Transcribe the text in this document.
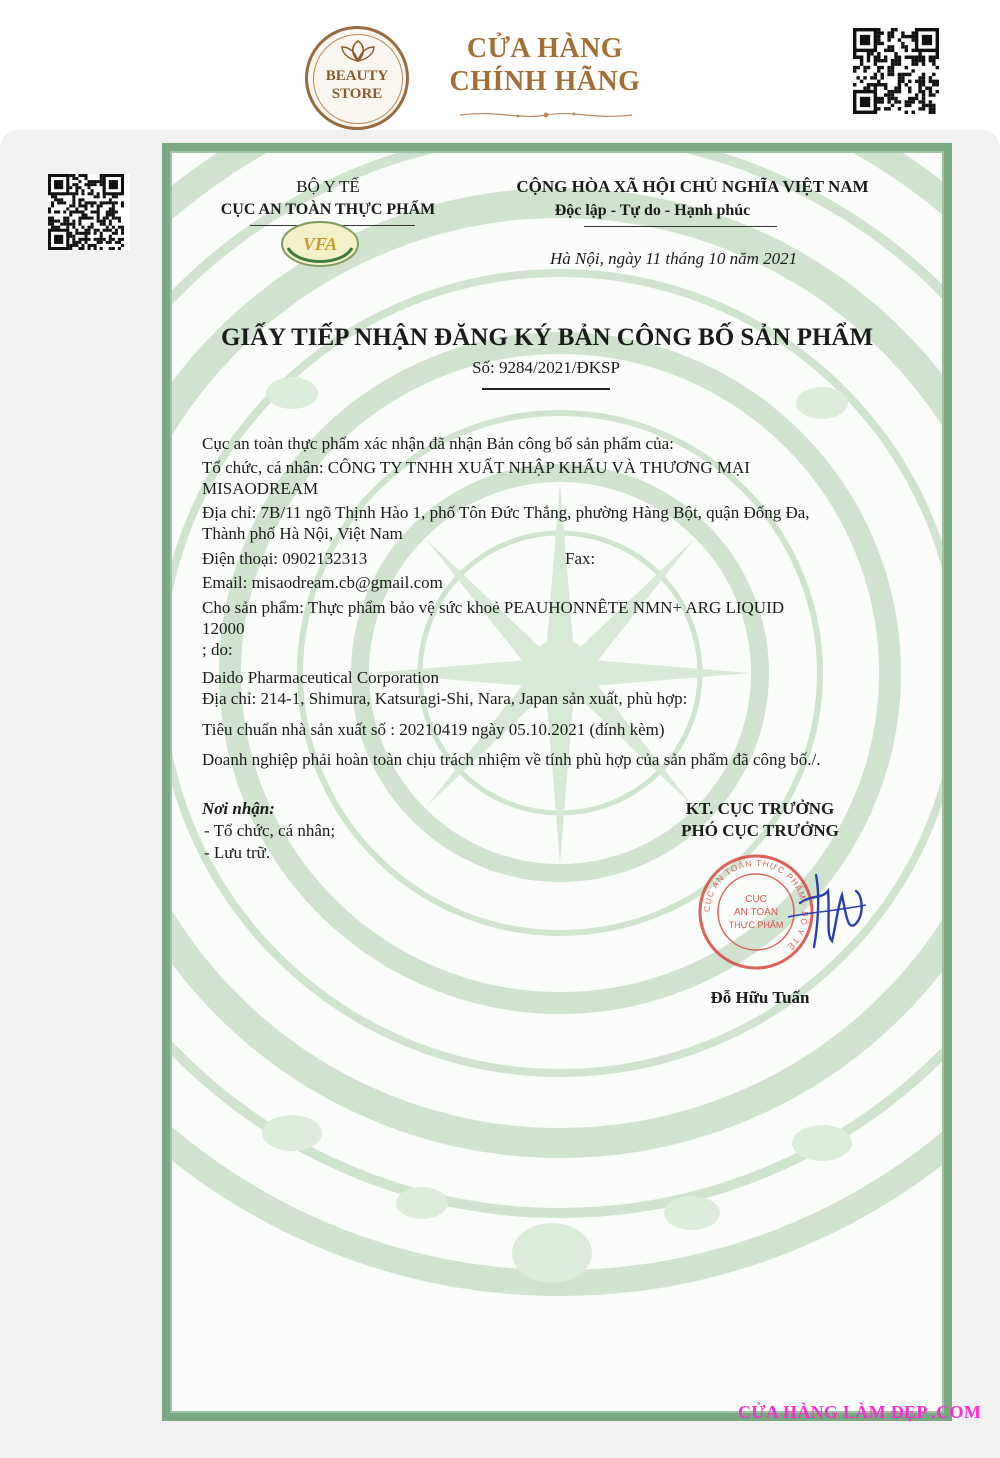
BEAUTY
STORE
CỬA HÀNG
CHÍNH HÃNG
BỘ Y TẾ
CỤC AN TOÀN THỰC PHẨM
VFA
CỘNG HÒA XÃ HỘI CHỦ NGHĨA VIỆT NAM
Độc lập - Tự do - Hạnh phúc
Hà Nội, ngày 11 tháng 10 năm 2021
GIẤY TIẾP NHẬN ĐĂNG KÝ BẢN CÔNG BỐ SẢN PHẨM
Số: 9284/2021/ĐKSP
Cục an toàn thực phẩm xác nhận đã nhận Bản công bố sản phẩm của:
Tổ chức, cá nhân: CÔNG TY TNHH XUẤT NHẬP KHẨU VÀ THƯƠNG MẠI
MISAODREAM
Địa chỉ: 7B/11 ngõ Thịnh Hào 1, phố Tôn Đức Thắng, phường Hàng Bột, quận Đống Đa,
Thành phố Hà Nội, Việt Nam
Điện thoại: 0902132313	Fax:
Email: misaodream.cb@gmail.com
Cho sản phẩm: Thực phẩm bảo vệ sức khoẻ PEAUHONNÊTE NMN+ ARG LIQUID
12000
; do:
Daido Pharmaceutical Corporation
Địa chỉ: 214-1, Shimura, Katsuragi-Shi, Nara, Japan sản xuất, phù hợp:
Tiêu chuẩn nhà sản xuất số : 20210419 ngày 05.10.2021 (đính kèm)
Doanh nghiệp phải hoàn toàn chịu trách nhiệm về tính phù hợp của sản phẩm đã công bố./.
Nơi nhận:
- Tổ chức, cá nhân;
- Lưu trữ.
KT. CỤC TRƯỞNG
PHÓ CỤC TRƯỞNG
CỤC AN TOÀN THỰC PHẨM · BỘ Y TẾ
CỤC
AN TOÀN
THỰC PHẨM
Đỗ Hữu Tuấn
CỬA HÀNG LÀM ĐẸP .COM
